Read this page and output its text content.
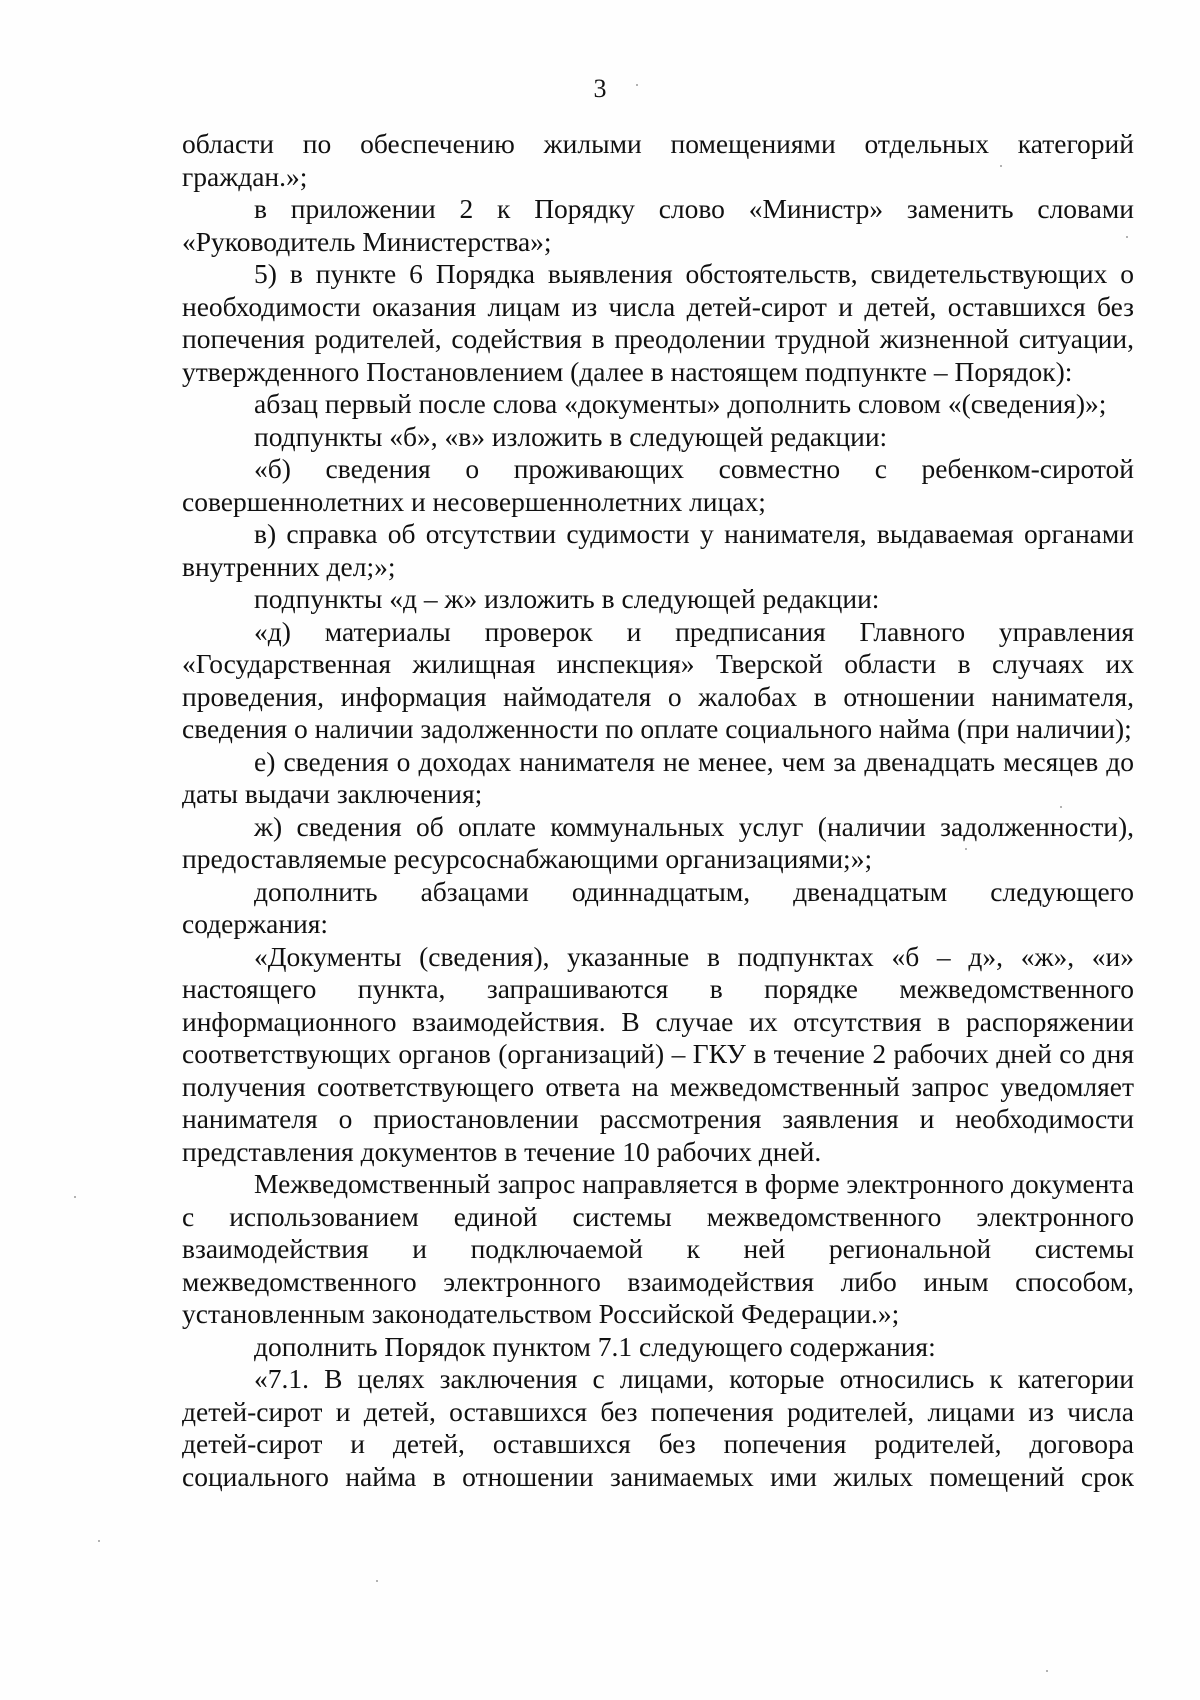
3

области по обеспечению жилыми помещениями отдельных категорий граждан.»;

в приложении 2 к Порядку слово «Министр» заменить словами «Руководитель Министерства»;

5) в пункте 6 Порядка выявления обстоятельств, свидетельствующих о необходимости оказания лицам из числа детей-сирот и детей, оставшихся без попечения родителей, содействия в преодолении трудной жизненной ситуации, утвержденного Постановлением (далее в настоящем подпункте – Порядок):

абзац первый после слова «документы» дополнить словом «(сведения)»;

подпункты «б», «в» изложить в следующей редакции:

«б) сведения о проживающих совместно с ребенком-сиротой совершеннолетних и несовершеннолетних лицах;

в) справка об отсутствии судимости у нанимателя, выдаваемая органами внутренних дел;»;

подпункты «д – ж» изложить в следующей редакции:

«д) материалы проверок и предписания Главного управления «Государственная жилищная инспекция» Тверской области в случаях их проведения, информация наймодателя о жалобах в отношении нанимателя, сведения о наличии задолженности по оплате социального найма (при наличии);

е) сведения о доходах нанимателя не менее, чем за двенадцать месяцев до даты выдачи заключения;

ж) сведения об оплате коммунальных услуг (наличии задолженности), предоставляемые ресурсоснабжающими организациями;»;

дополнить абзацами одиннадцатым, двенадцатым следующего содержания:

«Документы (сведения), указанные в подпунктах «б – д», «ж», «и» настоящего пункта, запрашиваются в порядке межведомственного информационного взаимодействия. В случае их отсутствия в распоряжении соответствующих органов (организаций) – ГКУ в течение 2 рабочих дней со дня получения соответствующего ответа на межведомственный запрос уведомляет нанимателя о приостановлении рассмотрения заявления и необходимости представления документов в течение 10 рабочих дней.

Межведомственный запрос направляется в форме электронного документа с использованием единой системы межведомственного электронного взаимодействия и подключаемой к ней региональной системы межведомственного электронного взаимодействия либо иным способом, установленным законодательством Российской Федерации.»;

дополнить Порядок пунктом 7.1 следующего содержания:

«7.1. В целях заключения с лицами, которые относились к категории детей-сирот и детей, оставшихся без попечения родителей, лицами из числа детей-сирот и детей, оставшихся без попечения родителей, договора социального найма в отношении занимаемых ими жилых помещений срок
